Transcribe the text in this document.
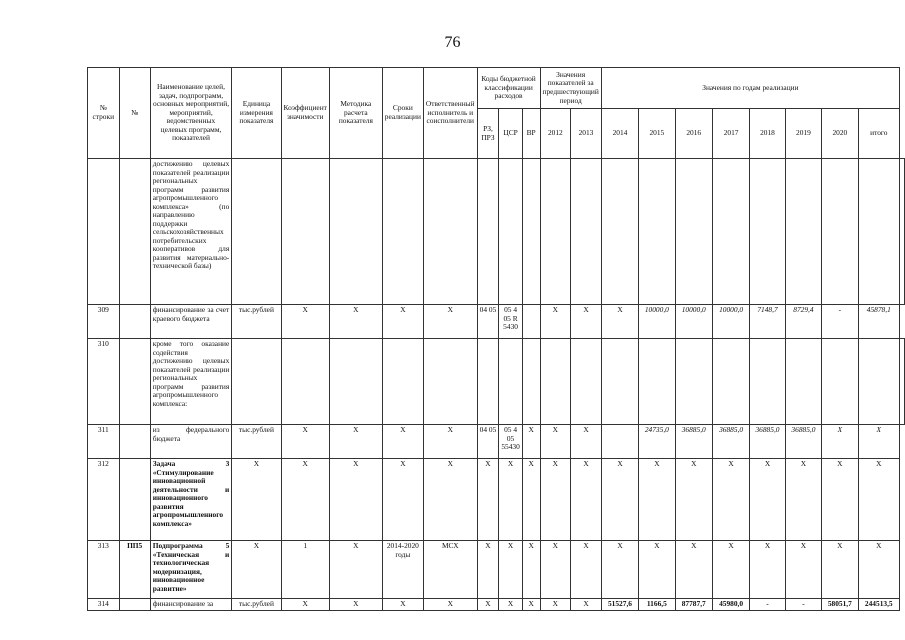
76
№ строки	№	Наименование целей, задач, подпрограмм, основных мероприятий, мероприятий, ведомственных целевых программ, показателей	Единица измерения показателя	Коэффициент значимости	Методика расчета показателя	Сроки реализации	Ответственный исполнитель и соисполнители	Коды бюджетной классификации расходов			Значения показателей за предшествующий период		Значения по годам реализации								
								РЗ, ПРЗ	ЦСР	ВР	2012	2013	2014	2015	2016	2017	2018	2019	2020	итого	
		достижению целевых показателей реализации региональных программ развития агропромышленного комплекса» (по направлению поддержки сельскохозяйственных потребительских кооперативов для развития материально-технической базы)																			
309		финансирование за счет краевого бюджета	тыс.рублей	X	X	X	X	04 05	05 4 05 R 5430		X	X	X	10000,0	10000,0	10000,0	7148,7	8729,4	-	45878,1	
310		кроме того оказание содействия достижению целевых показателей реализации региональных программ развития агропромышленного комплекса:																			
311		из федерального бюджета	тыс.рублей	X	X	X	X	04 05	05 4 05 55430	X	X	X		24735,0	36885,0	36885,0	36885,0	36885,0	X	X	
312		Задача 3 «Стимулирование инновационной деятельности и инновационного развития агропромышленного комплекса»	X	X	X	X	X	X	X	X	X	X	X	X	X	X	X	X	X	X	
313	ПП5	Подпрограмма 5 «Техническая и технологическая модернизация, инновационное развитие»	X	1	X	2014-2020 годы	МСХ	X	X	X	X	X	X	X	X	X	X	X	X	X	
314		финансирование за	тыс.рублей	X	X	X	X	X	X	X	X	X	51527,6	1166,5	87787,7	45980,0	-	-	58051,7	244513,5	
